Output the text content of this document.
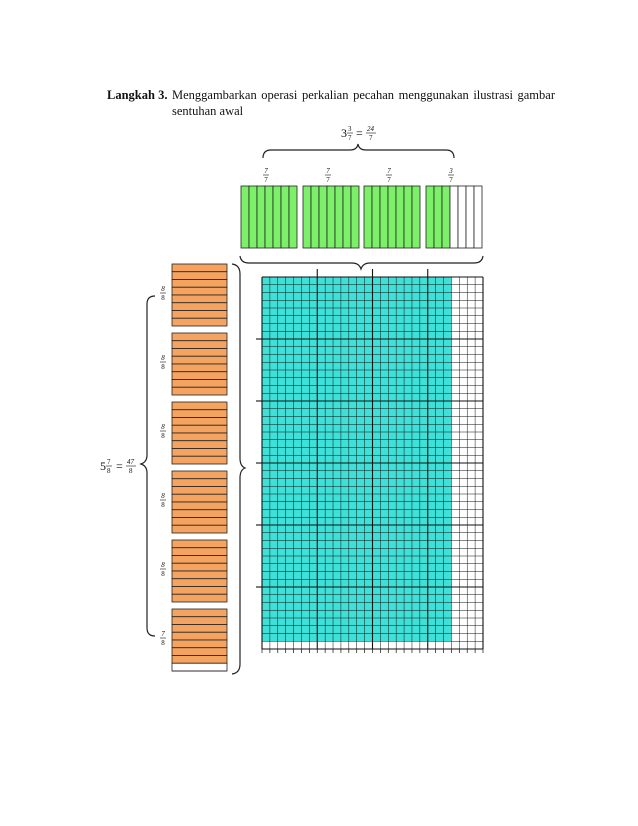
Langkah 3. Menggambarkan operasi perkalian pecahan menggunakan ilustrasi gambar
sentuhan awal
3 3
7 = 24
7
7
7
7
7
7
7
3
7
5 7
8 = 47
8
8
8
8
8
8
8
8
8
8
8
7
8
